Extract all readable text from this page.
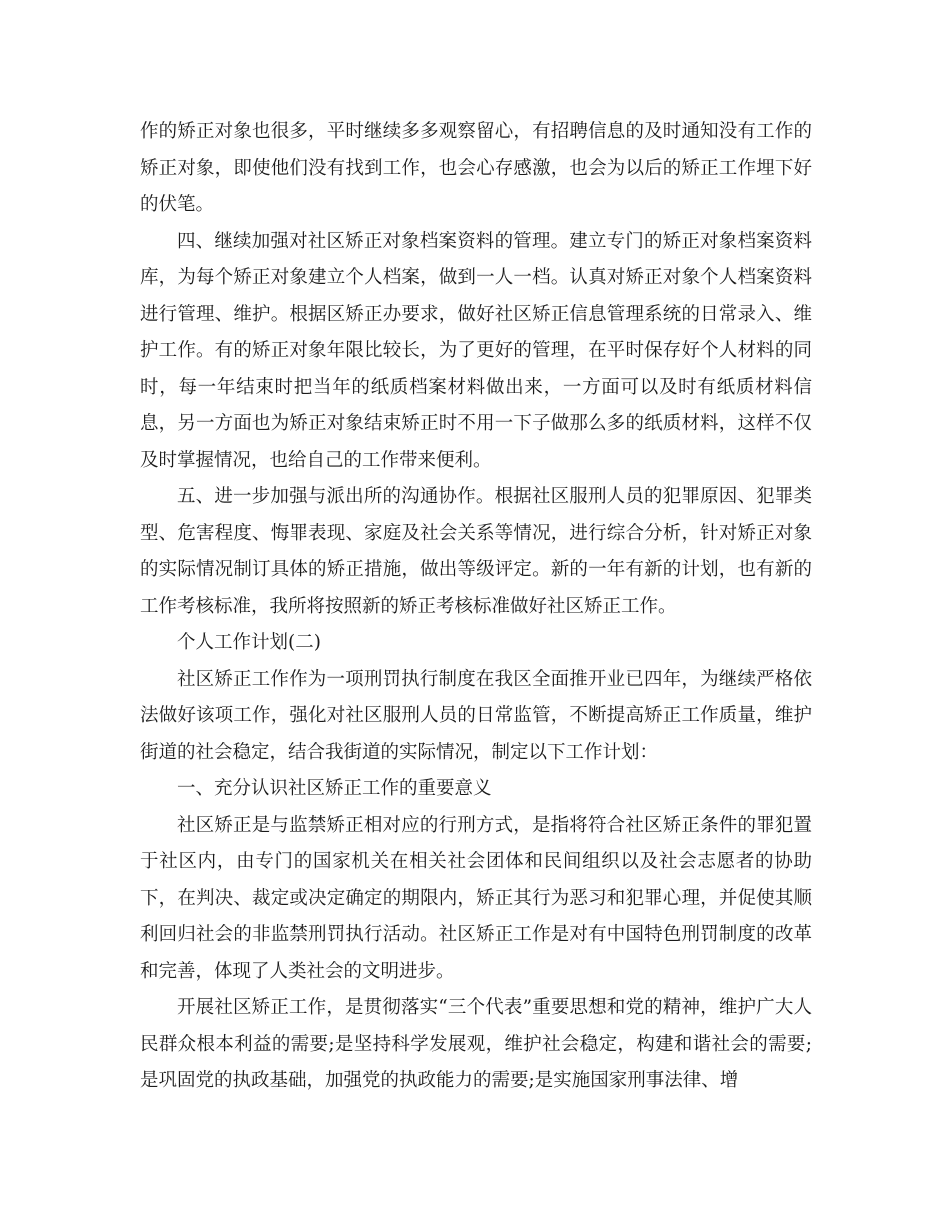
作的矫正对象也很多，平时继续多多观察留心，有招聘信息的及时通知没有工作的矫正对象，即使他们没有找到工作，也会心存感激，也会为以后的矫正工作埋下好的伏笔。

四、继续加强对社区矫正对象档案资料的管理。建立专门的矫正对象档案资料库，为每个矫正对象建立个人档案，做到一人一档。认真对矫正对象个人档案资料进行管理、维护。根据区矫正办要求，做好社区矫正信息管理系统的日常录入、维护工作。有的矫正对象年限比较长，为了更好的管理，在平时保存好个人材料的同时，每一年结束时把当年的纸质档案材料做出来，一方面可以及时有纸质材料信息，另一方面也为矫正对象结束矫正时不用一下子做那么多的纸质材料，这样不仅及时掌握情况，也给自己的工作带来便利。

五、进一步加强与派出所的沟通协作。根据社区服刑人员的犯罪原因、犯罪类型、危害程度、悔罪表现、家庭及社会关系等情况，进行综合分析，针对矫正对象的实际情况制订具体的矫正措施，做出等级评定。新的一年有新的计划，也有新的工作考核标准，我所将按照新的矫正考核标准做好社区矫正工作。

个人工作计划(二)

社区矫正工作作为一项刑罚执行制度在我区全面推开业已四年，为继续严格依法做好该项工作，强化对社区服刑人员的日常监管，不断提高矫正工作质量，维护街道的社会稳定，结合我街道的实际情况，制定以下工作计划：

一、充分认识社区矫正工作的重要意义

社区矫正是与监禁矫正相对应的行刑方式，是指将符合社区矫正条件的罪犯置于社区内，由专门的国家机关在相关社会团体和民间组织以及社会志愿者的协助下，在判决、裁定或决定确定的期限内，矫正其行为恶习和犯罪心理，并促使其顺利回归社会的非监禁刑罚执行活动。社区矫正工作是对有中国特色刑罚制度的改革和完善，体现了人类社会的文明进步。

开展社区矫正工作，是贯彻落实“三个代表”重要思想和党的精神，维护广大人民群众根本利益的需要;是坚持科学发展观，维护社会稳定，构建和谐社会的需要;是巩固党的执政基础，加强党的执政能力的需要;是实施国家刑事法律、增
